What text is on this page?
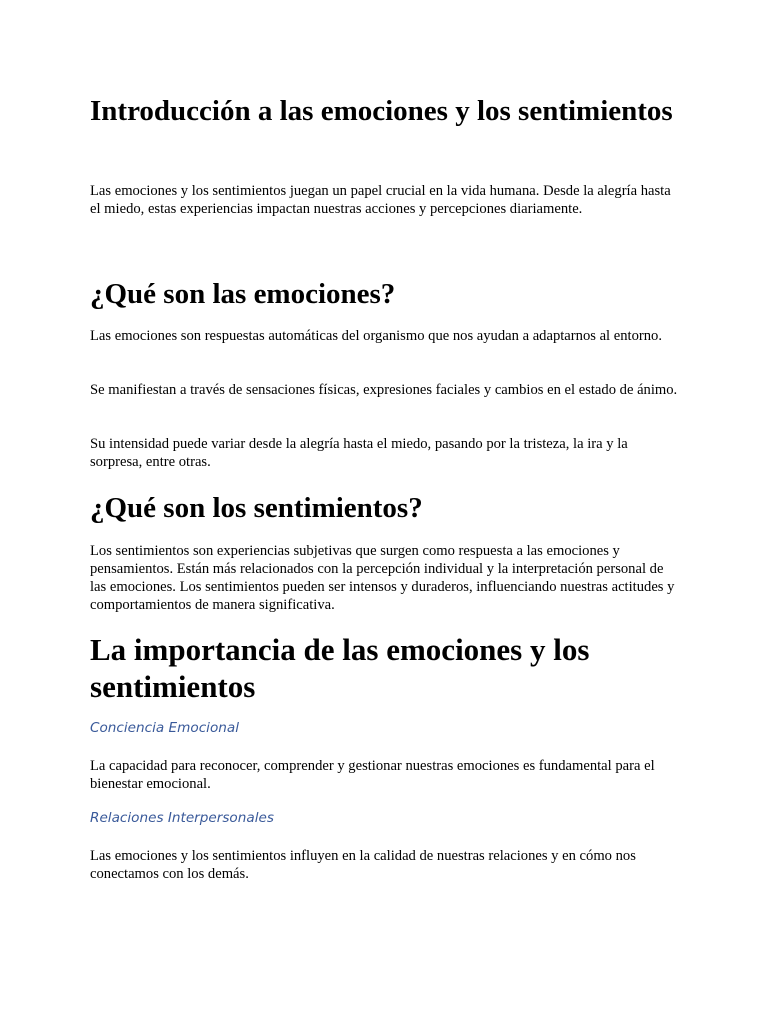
Introducción a las emociones y los sentimientos

Las emociones y los sentimientos juegan un papel crucial en la vida humana. Desde la alegría hasta el miedo, estas experiencias impactan nuestras acciones y percepciones diariamente.

¿Qué son las emociones?

Las emociones son respuestas automáticas del organismo que nos ayudan a adaptarnos al entorno.

Se manifiestan a través de sensaciones físicas, expresiones faciales y cambios en el estado de ánimo.

Su intensidad puede variar desde la alegría hasta el miedo, pasando por la tristeza, la ira y la sorpresa, entre otras.

¿Qué son los sentimientos?

Los sentimientos son experiencias subjetivas que surgen como respuesta a las emociones y pensamientos. Están más relacionados con la percepción individual y la interpretación personal de las emociones. Los sentimientos pueden ser intensos y duraderos, influenciando nuestras actitudes y comportamientos de manera significativa.

La importancia de las emociones y los sentimientos

Conciencia Emocional

La capacidad para reconocer, comprender y gestionar nuestras emociones es fundamental para el bienestar emocional.

Relaciones Interpersonales

Las emociones y los sentimientos influyen en la calidad de nuestras relaciones y en cómo nos conectamos con los demás.
